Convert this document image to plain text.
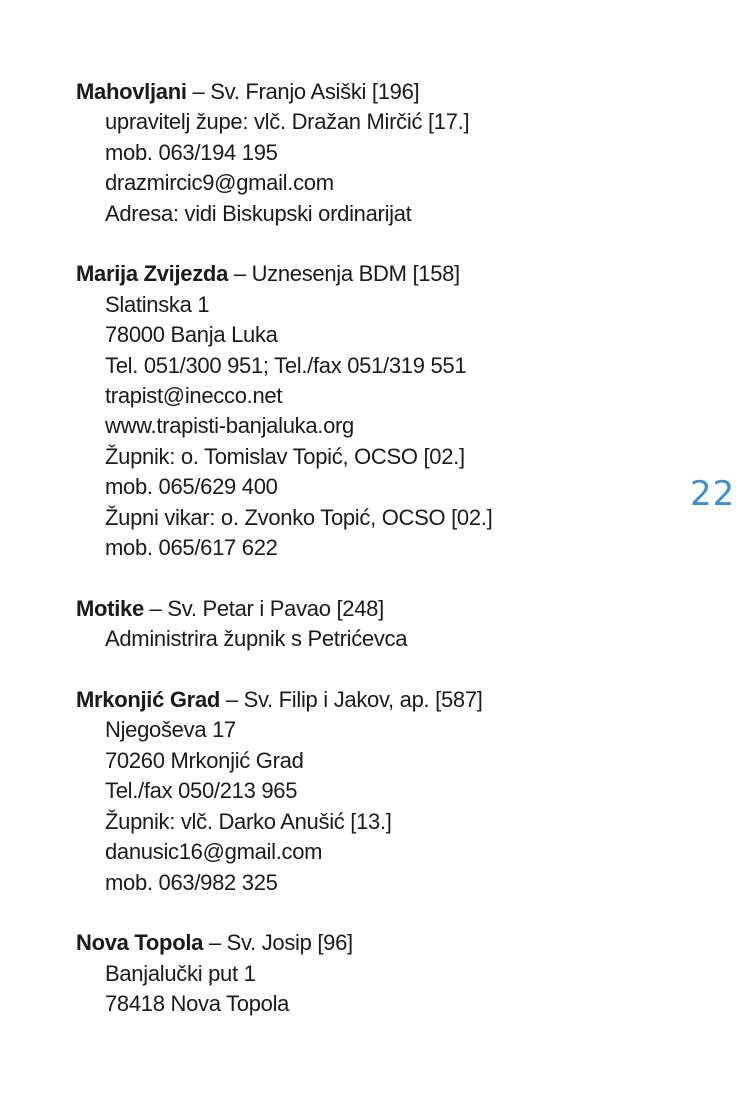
Mahovljani – Sv. Franjo Asiški [196]
upravitelj župe: vlč. Dražan Mirčić [17.]
mob. 063/194 195
drazmircic9@gmail.com
Adresa: vidi Biskupski ordinarijat
Marija Zvijezda – Uznesenja BDM [158]
Slatinska 1
78000 Banja Luka
Tel. 051/300 951; Tel./fax 051/319 551
trapist@inecco.net
www.trapisti-banjaluka.org
Župnik: o. Tomislav Topić, OCSO [02.]
mob. 065/629 400
Župni vikar: o. Zvonko Topić, OCSO [02.]
mob. 065/617 622
Motike – Sv. Petar i Pavao [248]
Administrira župnik s Petrićevca
Mrkonjić Grad – Sv. Filip i Jakov, ap. [587]
Njegoševa 17
70260 Mrkonjić Grad
Tel./fax 050/213 965
Župnik: vlč. Darko Anušić [13.]
danusic16@gmail.com
mob. 063/982 325
Nova Topola – Sv. Josip [96]
Banjalučki put 1
78418 Nova Topola
22
